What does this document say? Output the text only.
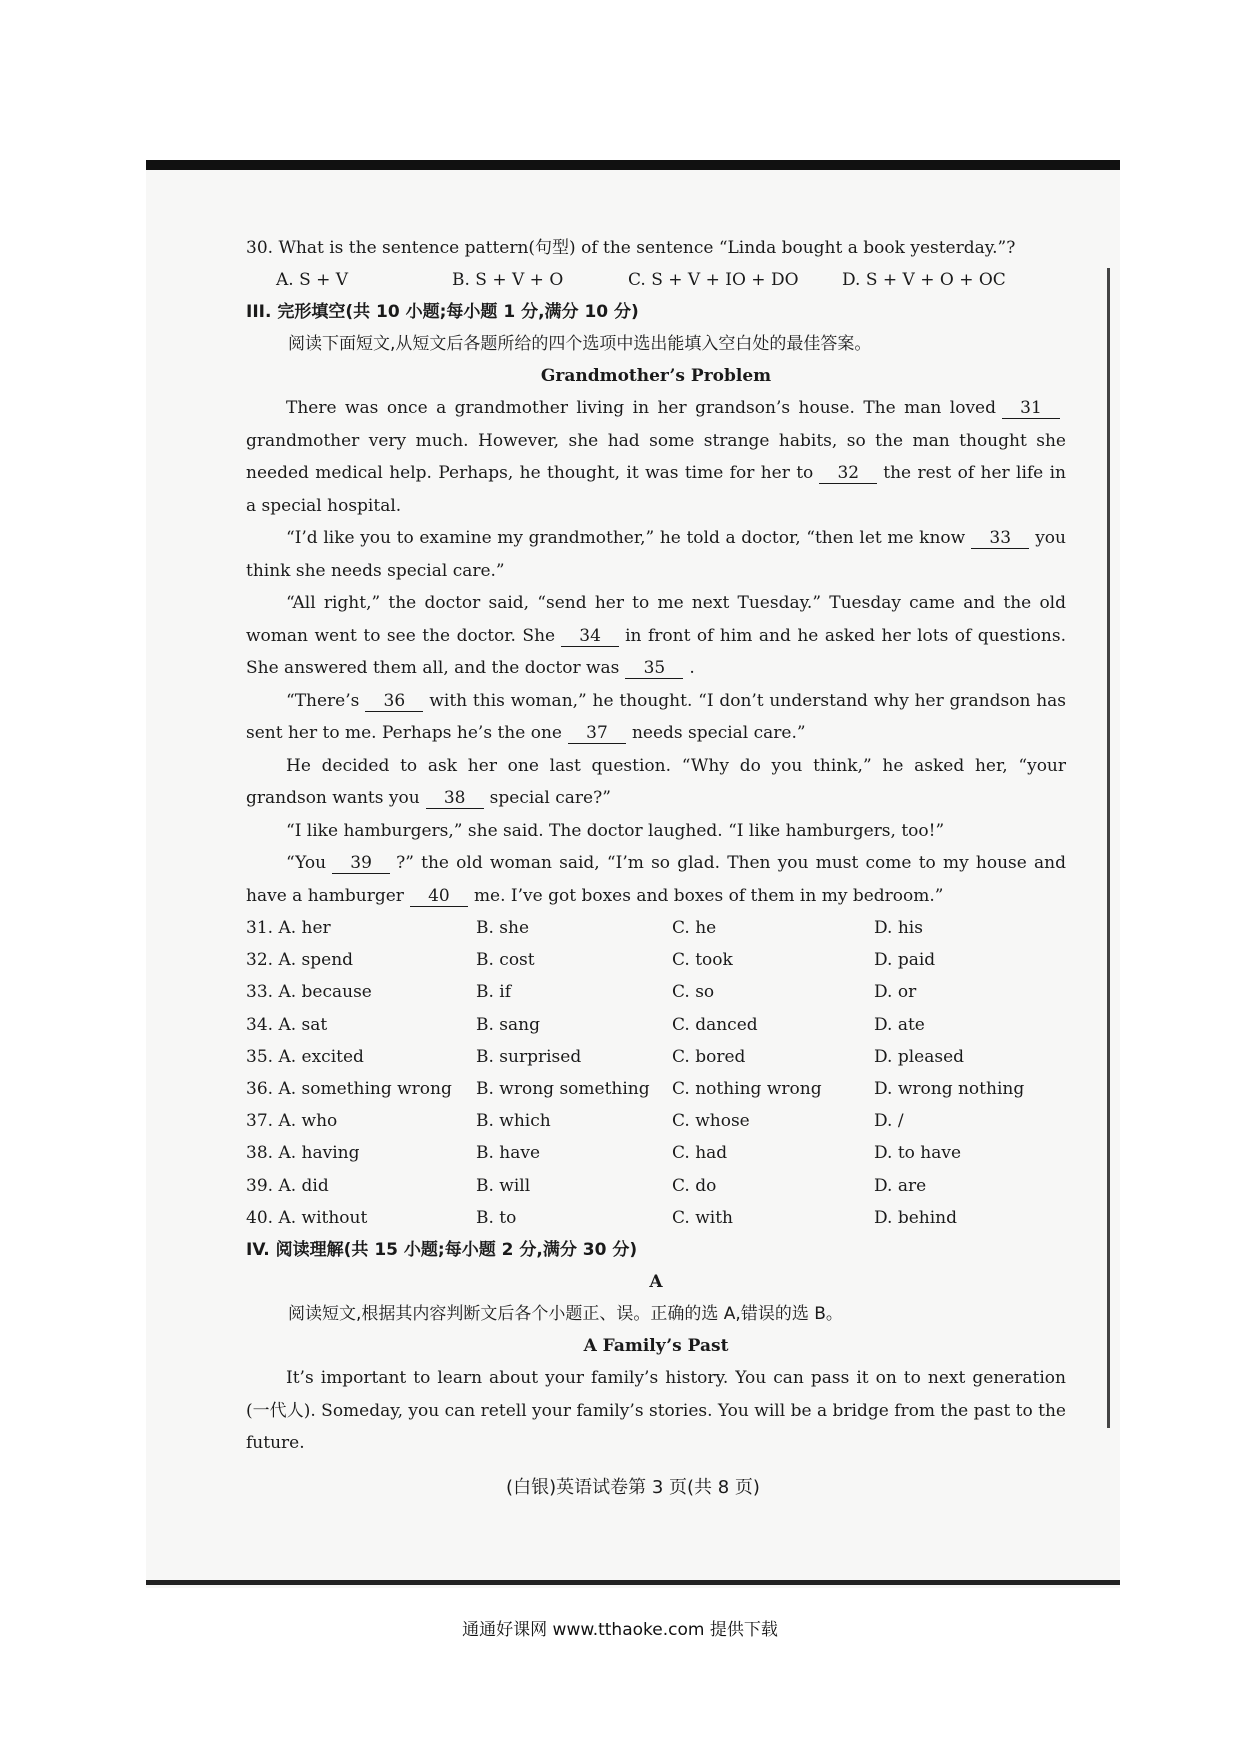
30. What is the sentence pattern(句型) of the sentence “Linda bought a book yesterday.”?

A. S + V	B. S + V + O	C. S + V + IO + DO	D. S + V + O + OC

III. 完形填空(共 10 小题;每小题 1 分,满分 10 分)

阅读下面短文,从短文后各题所给的四个选项中选出能填入空白处的最佳答案。

Grandmother’s Problem

There was once a grandmother living in her grandson’s house. The man loved 31grandmother very much. However, she had some strange habits, so the man thought she needed medical help. Perhaps, he thought, it was time for her to 32 the rest of her life in a special hospital.

“I’d like you to examine my grandmother,” he told a doctor, “then let me know 33 you think she needs special care.”

“All right,” the doctor said, “send her to me next Tuesday.” Tuesday came and the old woman went to see the doctor. She 34 in front of him and he asked her lots of questions. She answered them all, and the doctor was 35 .

“There’s 36 with this woman,” he thought. “I don’t understand why her grandson has sent her to me. Perhaps he’s the one 37 needs special care.”

He decided to ask her one last question. “Why do you think,” he asked her, “your grandson wants you 38 special care?”

“I like hamburgers,” she said. The doctor laughed. “I like hamburgers, too!”

“You 39 ?” the old woman said, “I’m so glad. Then you must come to my house and have a hamburger 40 me. I’ve got boxes and boxes of them in my bedroom.”

31. A. her	B. she	C. he	D. his
32. A. spend	B. cost	C. took	D. paid
33. A. because	B. if	C. so	D. or
34. A. sat	B. sang	C. danced	D. ate
35. A. excited	B. surprised	C. bored	D. pleased
36. A. something wrong	B. wrong something	C. nothing wrong	D. wrong nothing
37. A. who	B. which	C. whose	D. /
38. A. having	B. have	C. had	D. to have
39. A. did	B. will	C. do	D. are
40. A. without	B. to	C. with	D. behind

IV. 阅读理解(共 15 小题;每小题 2 分,满分 30 分)

A

阅读短文,根据其内容判断文后各个小题正、误。正确的选 A,错误的选 B。

A Family’s Past

It’s important to learn about your family’s history. You can pass it on to next generation (一代人). Someday, you can retell your family’s stories. You will be a bridge from the past to the future.

(白银)英语试卷第 3 页(共 8 页)
通通好课网 www.tthaoke.com 提供下载
